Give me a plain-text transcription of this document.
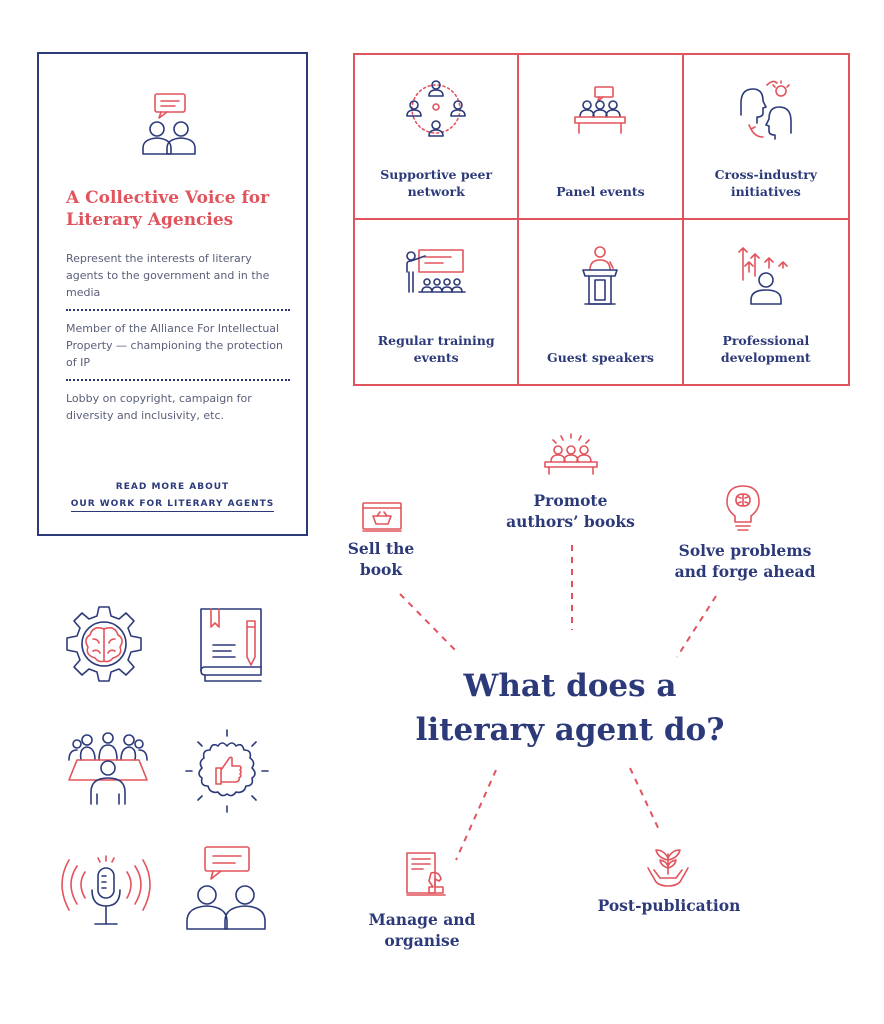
A Collective Voice for Literary Agencies
Represent the interests of literary agents to the government and in the media
Member of the Alliance For Intellectual Property — championing the protection of IP
Lobby on copyright, campaign for diversity and inclusivity, etc.
READ MORE ABOUT
OUR WORK FOR LITERARY AGENTS
Supportive peer network	Panel events
Cross-industry initiatives
Regular training events	Guest speakers
Professional development
What does a literary agent do?
Sell the book
Promote authors’ books
Solve problems and forge ahead
Manage and organise
Post-publication
